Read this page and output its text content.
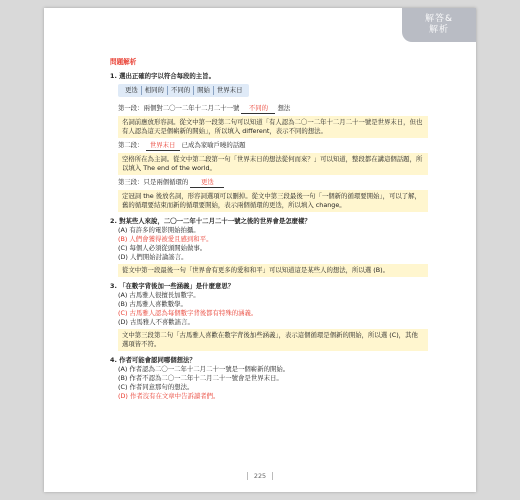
解答&
解析
問題解析
1. 選出正確的字以符合每段的主旨。
更迭	相同的	不同的	開始	世界末日
第一段：兩個對二〇一二年十二月二十一號 不同的 想法
名詞前應放形容詞。從文中第一段第二句可以知道「有人認為二〇一二年十二月二十一號是世界末日，但也有人認為這天是個嶄新的開始」，所以填入 different，表示不同的想法。
第二段： 世界末日 已成為家喻戶曉的話題
空格所在為主詞。從文中第二段第一句「世界末日的想法從何而來？」可以知道，整段都在講這個話題，所以填入 The end of the world。
第三段：只是兩個循環的 更迭
定冠詞 the 後放名詞，形容詞選項可以刪掉。從文中第三段最後一句「一個新的循環要開始」，可以了解，舊的循環要結束而新的循環要開始，表示兩個循環的更迭，所以填入 change。
2. 對某些人來說，二〇一二年十二月二十一號之後的世界會是怎麼樣？
(A) 有許多的電影開始拍攝。
(B) 人們會獲得被愛且感到和平。
(C) 每個人必須從頭開始做事。
(D) 人們開始討論謠言。
從文中第一段最後一句「世界會有更多的愛和和平」可以知道這是某些人的想法，所以選 (B)。
3. 「在數字背後加一些涵義」是什麼意思？
(A) 古馬雅人很擅長加數字。
(B) 古馬雅人喜歡數學。
(C) 古馬雅人認為每個數字背後都有特殊的涵義。
(D) 古馬雅人不喜歡謠言。
文中第三段第二句「古馬雅人喜歡在數字背後加些涵義」，表示這個循環是個新的開始，所以選 (C)，其他選項皆不符。
4. 作者可能會認同哪個想法？
(A) 作者認為二〇一二年十二月二十一號是一個嶄新的開始。
(B) 作者不認為二〇一二年十二月二十一號會是世界末日。
(C) 作者同意那句的想法。
(D) 作者沒有在文章中告訴讀者們。
225
